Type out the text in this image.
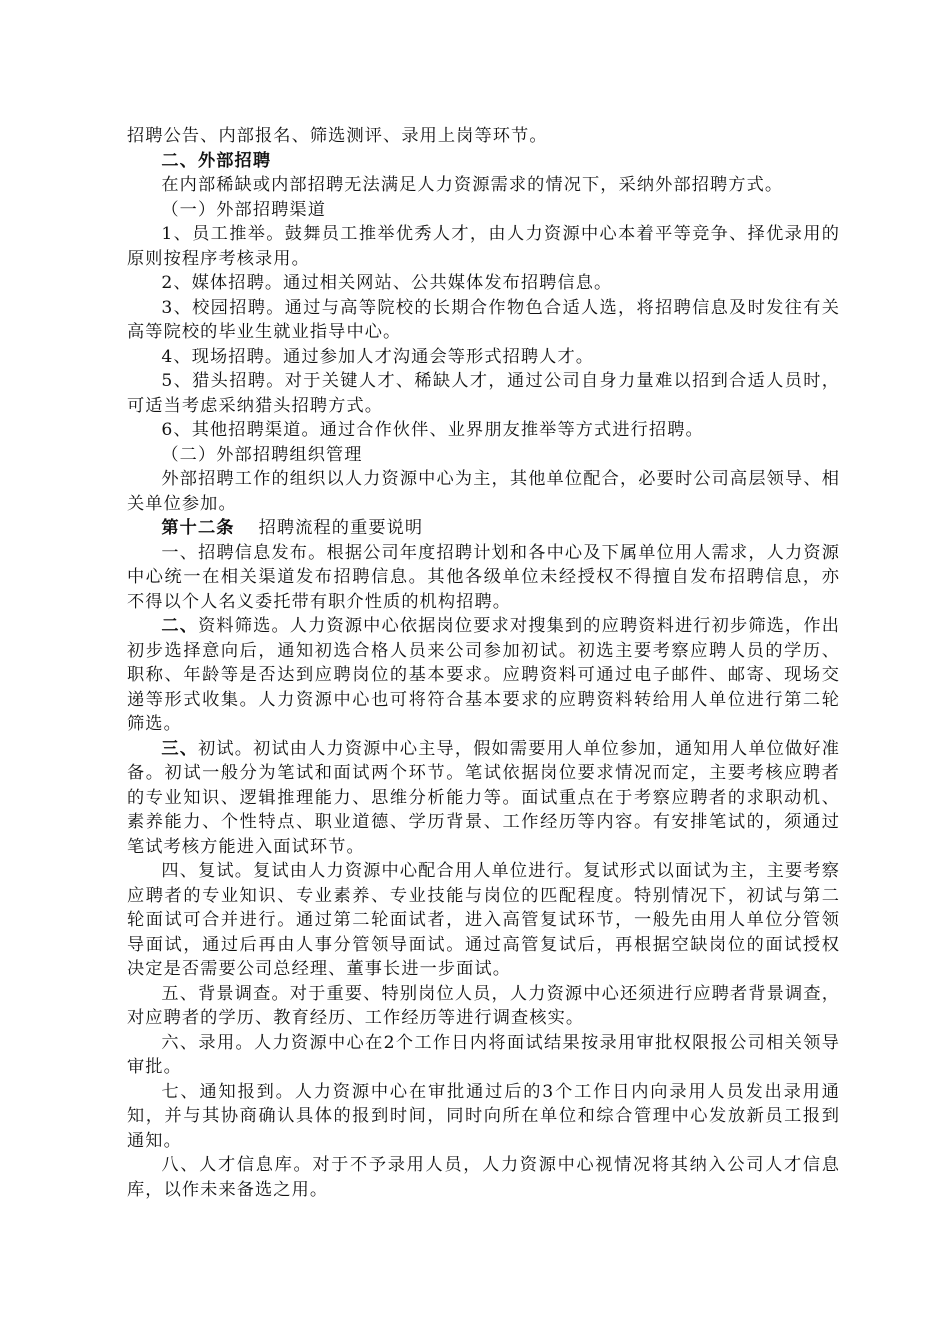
招聘公告、内部报名、筛选测评、录用上岗等环节。

二、外部招聘

在内部稀缺或内部招聘无法满足人力资源需求的情况下，采纳外部招聘方式。

（一）外部招聘渠道

1、员工推举。鼓舞员工推举优秀人才，由人力资源中心本着平等竞争、择优录用的原则按程序考核录用。

2、媒体招聘。通过相关网站、公共媒体发布招聘信息。

3、校园招聘。通过与高等院校的长期合作物色合适人选，将招聘信息及时发往有关高等院校的毕业生就业指导中心。

4、现场招聘。通过参加人才沟通会等形式招聘人才。

5、猎头招聘。对于关键人才、稀缺人才，通过公司自身力量难以招到合适人员时，可适当考虑采纳猎头招聘方式。

6、其他招聘渠道。通过合作伙伴、业界朋友推举等方式进行招聘。

（二）外部招聘组织管理

外部招聘工作的组织以人力资源中心为主，其他单位配合，必要时公司高层领导、相关单位参加。

第十二条 招聘流程的重要说明

一、招聘信息发布。根据公司年度招聘计划和各中心及下属单位用人需求，人力资源中心统一在相关渠道发布招聘信息。其他各级单位未经授权不得擅自发布招聘信息，亦不得以个人名义委托带有职介性质的机构招聘。

二、资料筛选。人力资源中心依据岗位要求对搜集到的应聘资料进行初步筛选，作出初步选择意向后，通知初选合格人员来公司参加初试。初选主要考察应聘人员的学历、职称、年龄等是否达到应聘岗位的基本要求。应聘资料可通过电子邮件、邮寄、现场交递等形式收集。人力资源中心也可将符合基本要求的应聘资料转给用人单位进行第二轮筛选。

三、初试。初试由人力资源中心主导，假如需要用人单位参加，通知用人单位做好准备。初试一般分为笔试和面试两个环节。笔试依据岗位要求情况而定，主要考核应聘者的专业知识、逻辑推理能力、思维分析能力等。面试重点在于考察应聘者的求职动机、素养能力、个性特点、职业道德、学历背景、工作经历等内容。有安排笔试的，须通过笔试考核方能进入面试环节。

四、复试。复试由人力资源中心配合用人单位进行。复试形式以面试为主，主要考察应聘者的专业知识、专业素养、专业技能与岗位的匹配程度。特别情况下，初试与第二轮面试可合并进行。通过第二轮面试者，进入高管复试环节，一般先由用人单位分管领导面试，通过后再由人事分管领导面试。通过高管复试后，再根据空缺岗位的面试授权决定是否需要公司总经理、董事长进一步面试。

五、背景调查。对于重要、特别岗位人员，人力资源中心还须进行应聘者背景调查，对应聘者的学历、教育经历、工作经历等进行调查核实。

六、录用。人力资源中心在2个工作日内将面试结果按录用审批权限报公司相关领导审批。

七、通知报到。人力资源中心在审批通过后的3个工作日内向录用人员发出录用通知，并与其协商确认具体的报到时间，同时向所在单位和综合管理中心发放新员工报到通知。

八、人才信息库。对于不予录用人员，人力资源中心视情况将其纳入公司人才信息库，以作未来备选之用。
